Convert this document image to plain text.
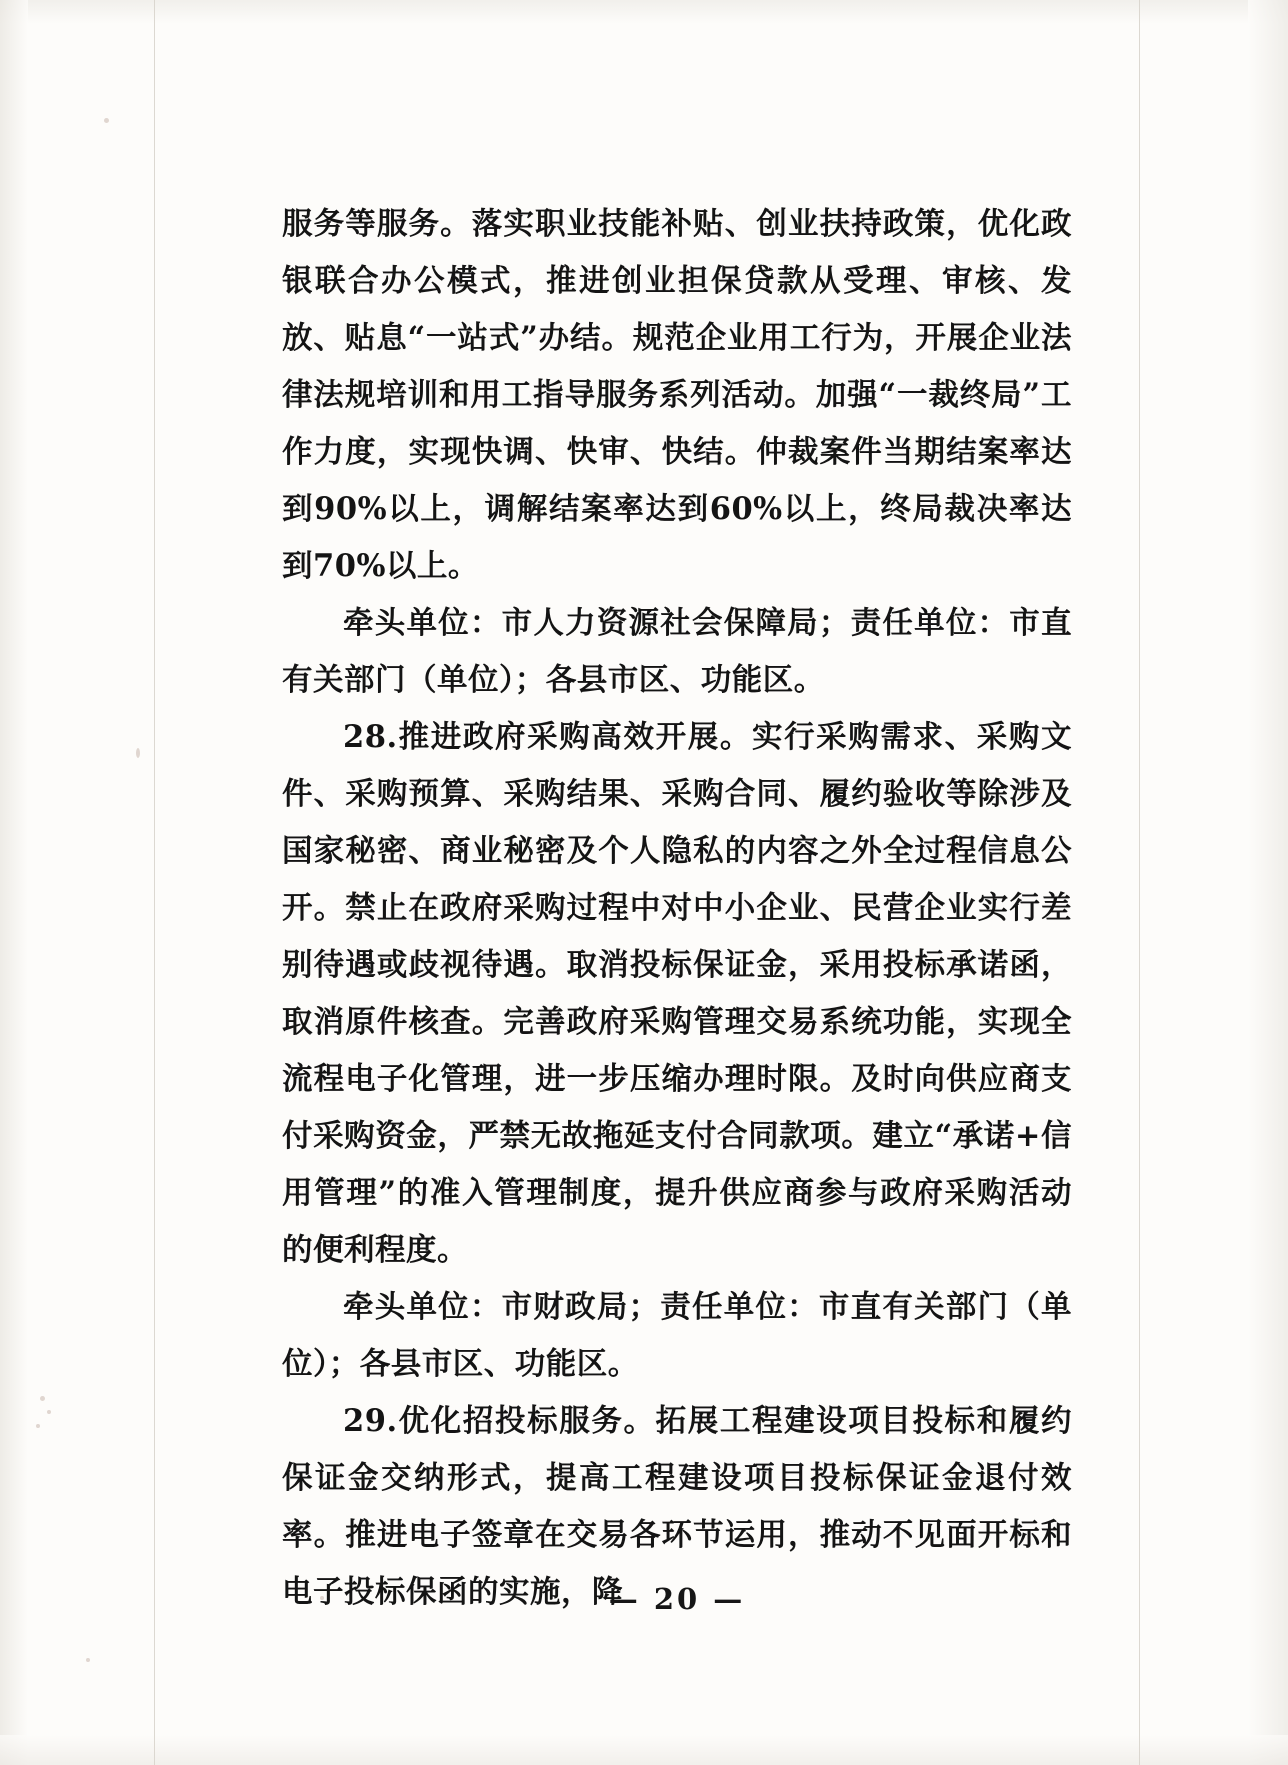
服务等服务。落实职业技能补贴、创业扶持政策，优化政银联合办公模式，推进创业担保贷款从受理、审核、发放、贴息“一站式”办结。规范企业用工行为，开展企业法律法规培训和用工指导服务系列活动。加强“一裁终局”工作力度，实现快调、快审、快结。仲裁案件当期结案率达到90%以上，调解结案率达到60%以上，终局裁决率达到70%以上。

牵头单位：市人力资源社会保障局；责任单位：市直有关部门（单位）；各县市区、功能区。

28.推进政府采购高效开展。实行采购需求、采购文件、采购预算、采购结果、采购合同、履约验收等除涉及国家秘密、商业秘密及个人隐私的内容之外全过程信息公开。禁止在政府采购过程中对中小企业、民营企业实行差别待遇或歧视待遇。取消投标保证金，采用投标承诺函，取消原件核查。完善政府采购管理交易系统功能，实现全流程电子化管理，进一步压缩办理时限。及时向供应商支付采购资金，严禁无故拖延支付合同款项。建立“承诺+信用管理”的准入管理制度，提升供应商参与政府采购活动的便利程度。

牵头单位：市财政局；责任单位：市直有关部门（单位）；各县市区、功能区。

29.优化招投标服务。拓展工程建设项目投标和履约保证金交纳形式，提高工程建设项目投标保证金退付效率。推进电子签章在交易各环节运用，推动不见面开标和电子投标保函的实施，降

— 20 —
